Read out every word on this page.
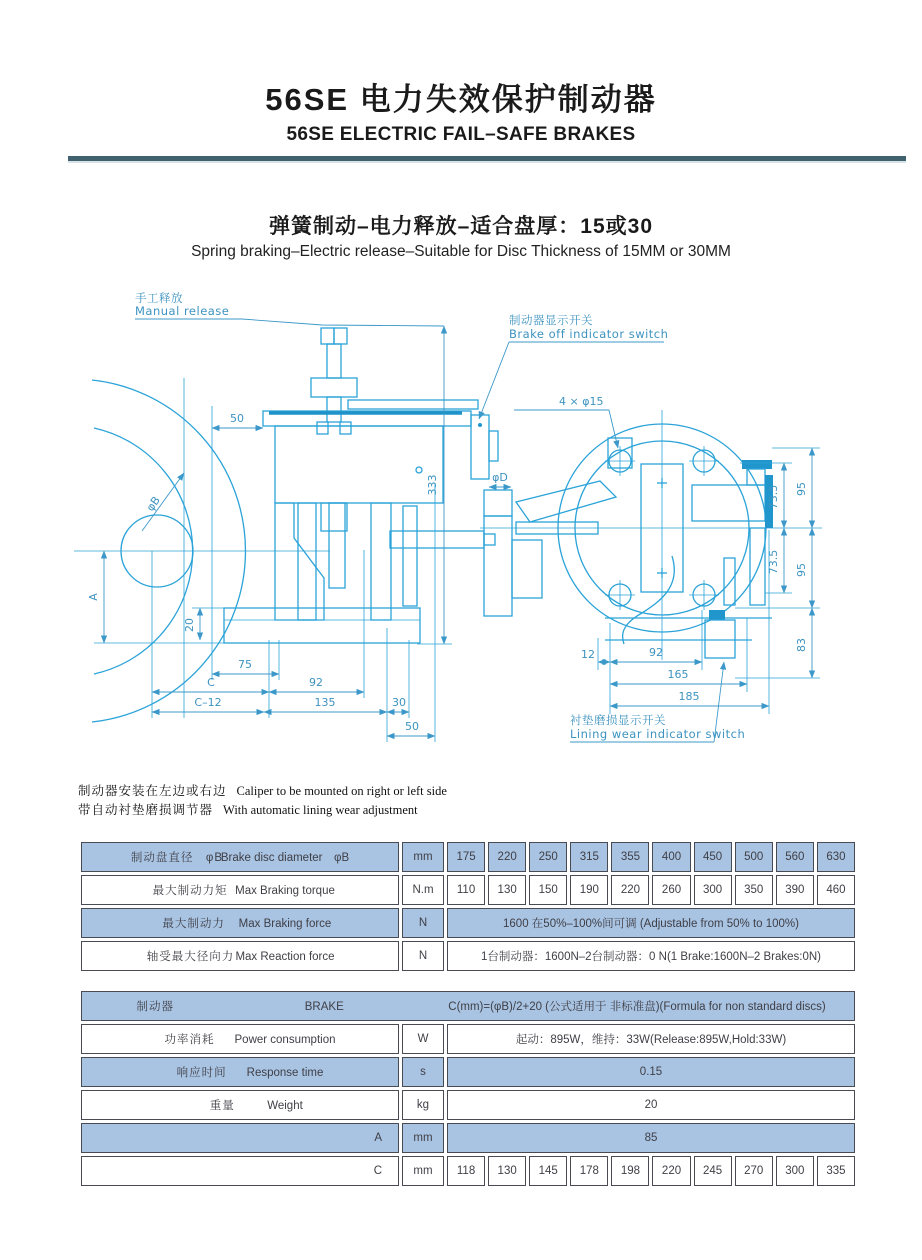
56SE 电力失效保护制动器
56SE ELECTRIC FAIL–SAFE BRAKES
弹簧制动–电力释放–适合盘厚：15或30
Spring braking–Electric release–Suitable for Disc Thickness of 15MM or 30MM
手工释放
Manual release
50
333
φB
A
20
75
C	92
C–12	135	30
50
制动器显示开关
Brake off indicator switch
4 × φ15
φD
73.5
73.5
95
95
83
12	92
165
185
衬垫磨损显示开关
Lining wear indicator switch
制动器安装在左边或右边 Caliper to be mounted on right or left side
带自动衬垫磨损调节器 With automatic lining wear adjustment
制动盘直径　φBBrake disc diameter　φB	mm	175	220	250	315	355	400	450	500	560	630
最大制动力矩 Max Braking torque	N.m	110	130	150	190	220	260	300	350	390	460
最大制动力 Max Braking force	N	1600 在50%–100%间可调 (Adjustable from 50% to 100%)									
轴受最大径向力Max Reaction force	N	1台制动器：1600N–2台制动器：0 N(1 Brake:1600N–2 Brakes:0N)									
制动器 BRAKE C(mm)=(φB)/2+20 (公式适用于 非标准盘)(Formula for non standard discs)											
功率消耗 Power consumption	W	起动：895W，维持：33W(Release:895W,Hold:33W)									
响应时间 Response time	s	0.15									
重量 Weight	kg	20									
A	mm	85									
C	mm	118	130	145	178	198	220	245	270	300	335
